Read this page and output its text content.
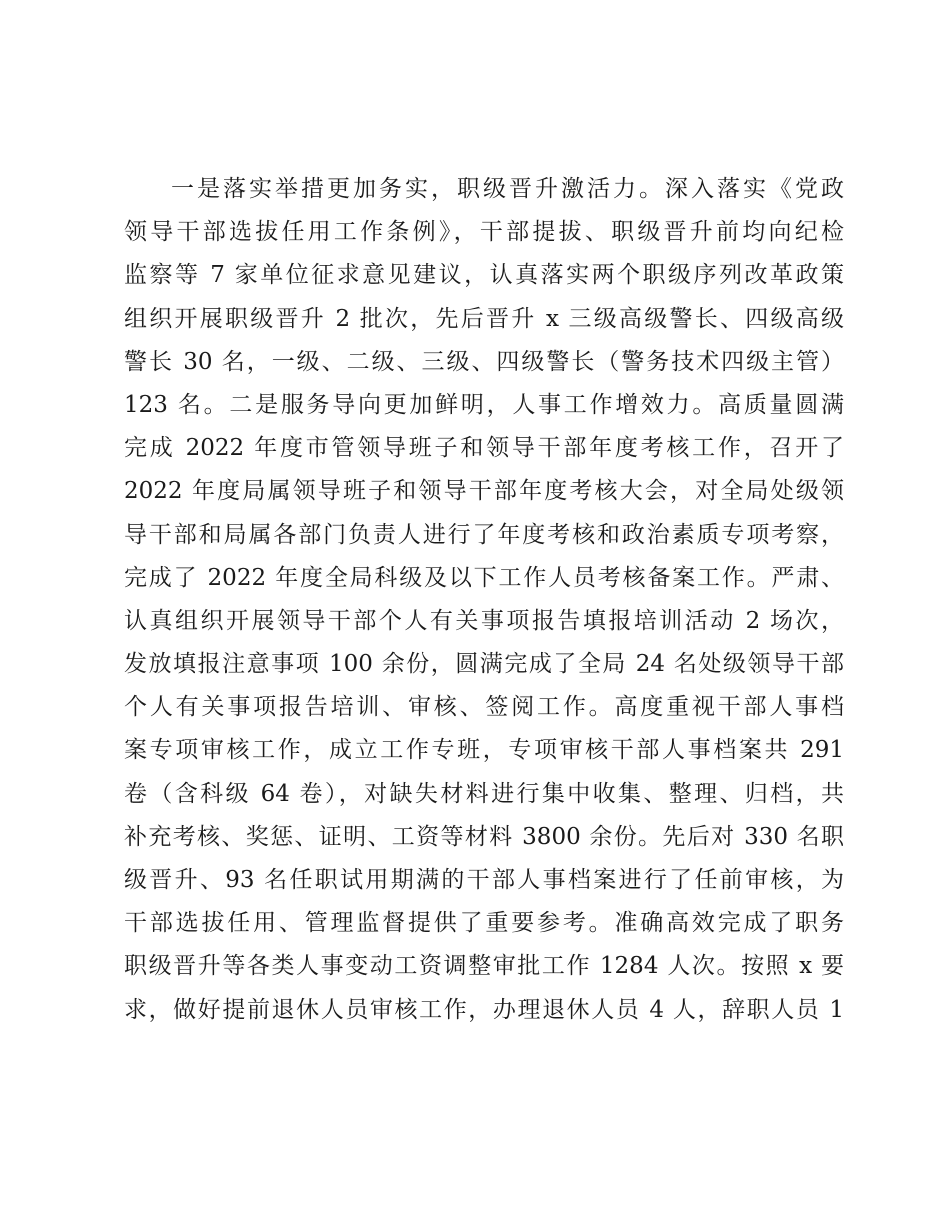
一是落实举措更加务实，职级晋升激活力。深入落实《党政
领导干部选拔任用工作条例》，干部提拔、职级晋升前均向纪检
监察等 7 家单位征求意见建议，认真落实两个职级序列改革政策
组织开展职级晋升 2 批次，先后晋升 x 三级高级警长、四级高级
警长 30 名，一级、二级、三级、四级警长（警务技术四级主管）
123 名。二是服务导向更加鲜明，人事工作增效力。高质量圆满
完成 2022 年度市管领导班子和领导干部年度考核工作，召开了
2022 年度局属领导班子和领导干部年度考核大会，对全局处级领
导干部和局属各部门负责人进行了年度考核和政治素质专项考察，
完成了 2022 年度全局科级及以下工作人员考核备案工作。严肃、
认真组织开展领导干部个人有关事项报告填报培训活动 2 场次，
发放填报注意事项 100 余份，圆满完成了全局 24 名处级领导干部
个人有关事项报告培训、审核、签阅工作。高度重视干部人事档
案专项审核工作，成立工作专班，专项审核干部人事档案共 291
卷（含科级 64 卷），对缺失材料进行集中收集、整理、归档，共
补充考核、奖惩、证明、工资等材料 3800 余份。先后对 330 名职
级晋升、93 名任职试用期满的干部人事档案进行了任前审核，为
干部选拔任用、管理监督提供了重要参考。准确高效完成了职务
职级晋升等各类人事变动工资调整审批工作 1284 人次。按照 x 要
求，做好提前退休人员审核工作，办理退休人员 4 人，辞职人员 1
